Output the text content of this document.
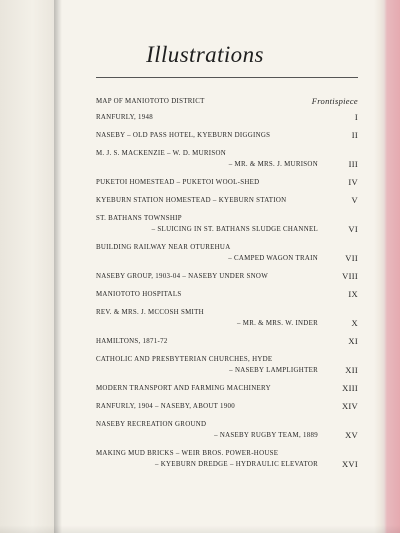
Illustrations
MAP OF MANIOTOTO DISTRICT	Frontispiece
RANFURLY, 1948	I
NASEBY – OLD PASS HOTEL, KYEBURN DIGGINGS	II
M. J. S. MACKENZIE – W. D. MURISON
– MR. & MRS. J. MURISON	III
PUKETOI HOMESTEAD – PUKETOI WOOL-SHED	IV
KYEBURN STATION HOMESTEAD – KYEBURN STATION	V
ST. BATHANS TOWNSHIP
– SLUICING IN ST. BATHANS SLUDGE CHANNEL	VI
BUILDING RAILWAY NEAR OTUREHUA
– CAMPED WAGON TRAIN	VII
NASEBY GROUP, 1903-04 – NASEBY UNDER SNOW	VIII
MANIOTOTO HOSPITALS	IX
REV. & MRS. J. MCCOSH SMITH
– MR. & MRS. W. INDER	X
HAMILTONS, 1871-72	XI
CATHOLIC AND PRESBYTERIAN CHURCHES, HYDE
– NASEBY LAMPLIGHTER	XII
MODERN TRANSPORT AND FARMING MACHINERY	XIII
RANFURLY, 1904 – NASEBY, ABOUT 1900	XIV
NASEBY RECREATION GROUND
– NASEBY RUGBY TEAM, 1889	XV
MAKING MUD BRICKS – WEIR BROS. POWER-HOUSE
– KYEBURN DREDGE – HYDRAULIC ELEVATOR	XVI
